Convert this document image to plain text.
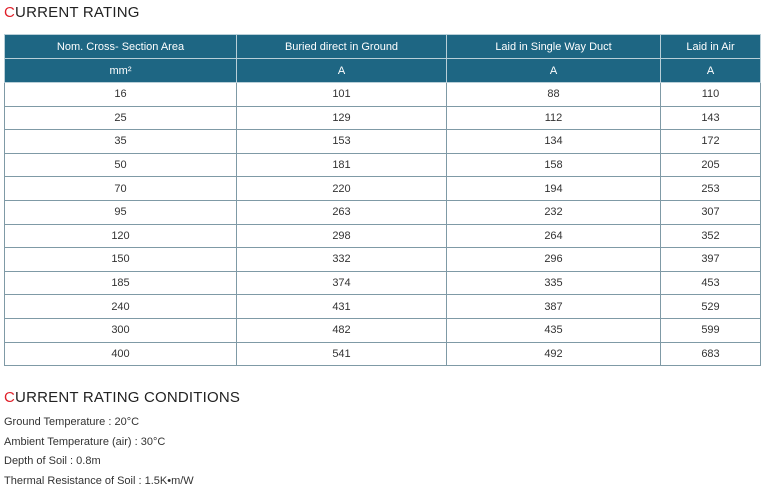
CURRENT RATING
Nom. Cross- Section Area	Buried direct in Ground	Laid in Single Way Duct	Laid in Air
mm²	A	A	A
16	101	88	110
25	129	112	143
35	153	134	172
50	181	158	205
70	220	194	253
95	263	232	307
120	298	264	352
150	332	296	397
185	374	335	453
240	431	387	529
300	482	435	599
400	541	492	683
CURRENT RATING CONDITIONS
Ground Temperature : 20°C
Ambient Temperature (air) : 30°C
Depth of Soil : 0.8m
Thermal Resistance of Soil : 1.5K•m/W
